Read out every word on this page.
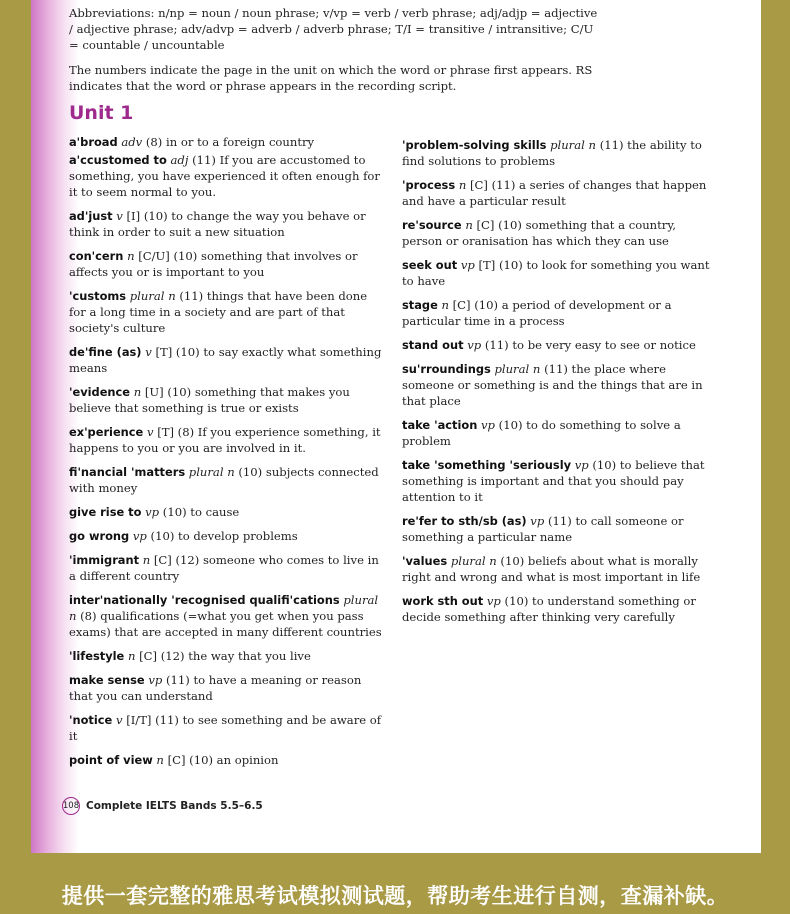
Abbreviations: n/np = noun / noun phrase; v/vp = verb / verb phrase; adj/adjp = adjective / adjective phrase; adv/advp = adverb / adverb phrase; T/I = transitive / intransitive; C/U = countable / uncountable

The numbers indicate the page in the unit on which the word or phrase first appears. RS indicates that the word or phrase appears in the recording script.

Unit 1
a'broad adv (8) in or to a foreign country
a'ccustomed to adj (11) If you are accustomed to something, you have experienced it often enough for it to seem normal to you.
ad'just v [I] (10) to change the way you behave or think in order to suit a new situation
con'cern n [C/U] (10) something that involves or affects you or is important to you
'customs plural n (11) things that have been done for a long time in a society and are part of that society's culture
de'fine (as) v [T] (10) to say exactly what something means
'evidence n [U] (10) something that makes you believe that something is true or exists
ex'perience v [T] (8) If you experience something, it happens to you or you are involved in it.
fi'nancial 'matters plural n (10) subjects connected with money
give rise to vp (10) to cause
go wrong vp (10) to develop problems
'immigrant n [C] (12) someone who comes to live in a different country
inter'nationally 'recognised qualifi'cations plural n (8) qualifications (=what you get when you pass exams) that are accepted in many different countries
'lifestyle n [C] (12) the way that you live
make sense vp (11) to have a meaning or reason that you can understand
'notice v [I/T] (11) to see something and be aware of it
point of view n [C] (10) an opinion
'problem-solving skills plural n (11) the ability to find solutions to problems
'process n [C] (11) a series of changes that happen and have a particular result
re'source n [C] (10) something that a country, person or oranisation has which they can use
seek out vp [T] (10) to look for something you want to have
stage n [C] (10) a period of development or a particular time in a process
stand out vp (11) to be very easy to see or notice
su'rroundings plural n (11) the place where someone or something is and the things that are in that place
take 'action vp (10) to do something to solve a problem
take 'something 'seriously vp (10) to believe that something is important and that you should pay attention to it
re'fer to sth/sb (as) vp (11) to call someone or something a particular name
'values plural n (10) beliefs about what is morally right and wrong and what is most important in life
work sth out vp (10) to understand something or decide something after thinking very carefully
108 Complete IELTS Bands 5.5–6.5

提供一套完整的雅思考试模拟测试题，帮助考生进行自测，查漏补缺。
